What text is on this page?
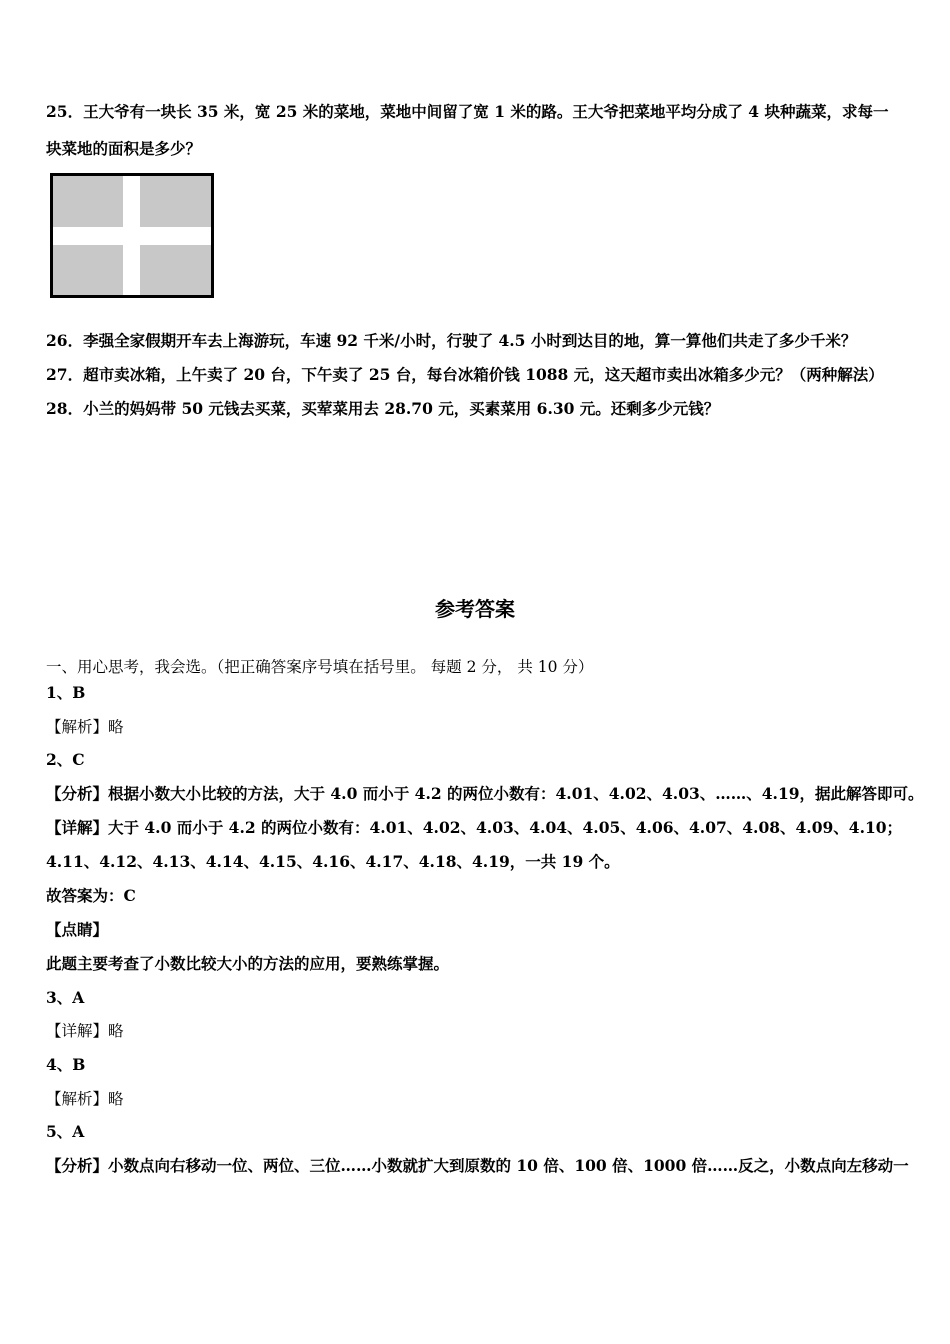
25．王大爷有一块长 35 米，宽 25 米的菜地，菜地中间留了宽 1 米的路。王大爷把菜地平均分成了 4 块种蔬菜，求每一
块菜地的面积是多少？
26．李强全家假期开车去上海游玩，车速 92 千米/小时，行驶了 4.5 小时到达目的地，算一算他们共走了多少千米？
27．超市卖冰箱，上午卖了 20 台，下午卖了 25 台，每台冰箱价钱 1088 元，这天超市卖出冰箱多少元？（两种解法）
28．小兰的妈妈带 50 元钱去买菜，买荤菜用去 28.70 元，买素菜用 6.30 元。还剩多少元钱？
参考答案
一、用心思考，我会选。（把正确答案序号填在括号里。 每题 2 分， 共 10 分）
1、B
【解析】略
2、C
【分析】根据小数大小比较的方法，大于 4.0 而小于 4.2 的两位小数有：4.01、4.02、4.03、……、4.19，据此解答即可。
【详解】大于 4.0 而小于 4.2 的两位小数有：4.01、4.02、4.03、4.04、4.05、4.06、4.07、4.08、4.09、4.10；
4.11、4.12、4.13、4.14、4.15、4.16、4.17、4.18、4.19，一共 19 个。
故答案为：C
【点睛】
此题主要考查了小数比较大小的方法的应用，要熟练掌握。
3、A
【详解】略
4、B
【解析】略
5、A
【分析】小数点向右移动一位、两位、三位……小数就扩大到原数的 10 倍、100 倍、1000 倍……反之，小数点向左移动一
